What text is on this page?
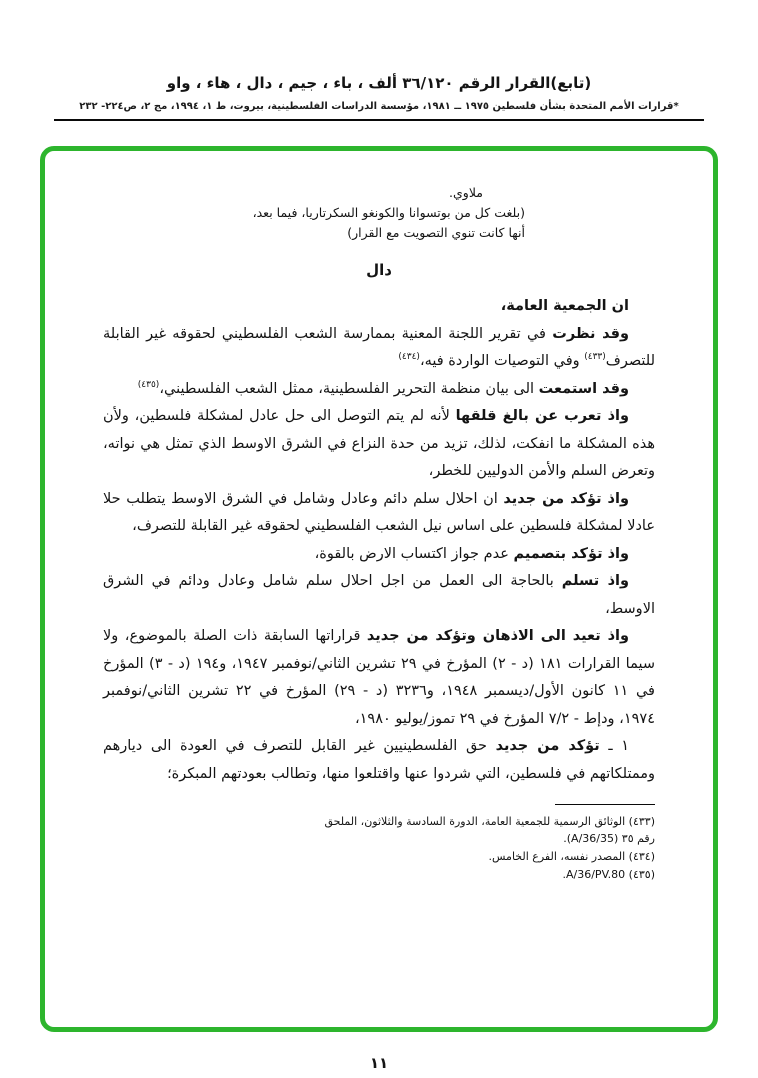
(تابع)القرار الرقم ٣٦/١٢٠ ألف ، باء ، جيم ، دال ، هاء ، واو
*قرارات الأمم المتحدة بشأن فلسطين ١٩٧٥ ــ ١٩٨١، مؤسسة الدراسات الفلسطينية، بيروت، ط ١، ١٩٩٤، مج ٢، ص٢٢٤- ٢٣٢
ملاوي.
(بلغت كل من بوتسوانا والكونغو السكرتاريا، فيما بعد،
أنها كانت تنوي التصويت مع القرار)
دال

ان الجمعية العامة،

وقد نظرت في تقرير اللجنة المعنية بممارسة الشعب الفلسطيني لحقوقه غير القابلة للتصرف$^{(٤٣٣)}$ وفي التوصيات الواردة فيه،$^{(٤٣٤)}$

وقد استمعت الى بيان منظمة التحرير الفلسطينية، ممثل الشعب الفلسطيني،$^{(٤٣٥)}$

واذ تعرب عن بالغ قلقها لأنه لم يتم التوصل الى حل عادل لمشكلة فلسطين، ولأن هذه المشكلة ما انفكت، لذلك، تزيد من حدة النزاع في الشرق الاوسط الذي تمثل هي نواته، وتعرض السلم والأمن الدوليين للخطر،

واذ تؤكد من جديد ان احلال سلم دائم وعادل وشامل في الشرق الاوسط يتطلب حلا عادلا لمشكلة فلسطين على اساس نيل الشعب الفلسطيني لحقوقه غير القابلة للتصرف،

واذ تؤكد بتصميم عدم جواز اكتساب الارض بالقوة،

واذ تسلم بالحاجة الى العمل من اجل احلال سلم شامل وعادل ودائم في الشرق الاوسط،

واذ تعيد الى الاذهان وتؤكد من جديد قراراتها السابقة ذات الصلة بالموضوع، ولا سيما القرارات ١٨١ (د - ٢) المؤرخ في ٢٩ تشرين الثاني/نوفمبر ١٩٤٧، و١٩٤ (د - ٣) المؤرخ في ١١ كانون الأول/ديسمبر ١٩٤٨، و٣٢٣٦ (د - ٢٩) المؤرخ في ٢٢ تشرين الثاني/نوفمبر ١٩٧٤، ودإط - ٧/٢ المؤرخ في ٢٩ تموز/يوليو ١٩٨٠،

١ ـ تؤكد من جديد حق الفلسطينيين غير القابل للتصرف في العودة الى ديارهم وممتلكاتهم في فلسطين، التي شردوا عنها واقتلعوا منها، وتطالب بعودتهم المبكرة؛

(٤٣٣) الوثائق الرسمية للجمعية العامة، الدورة السادسة والثلاثون، الملحق رقم ٣٥ (A/36/35).
(٤٣٤) المصدر نفسه، الفرع الخامس.
(٤٣٥) A/36/PV.80.
١١
